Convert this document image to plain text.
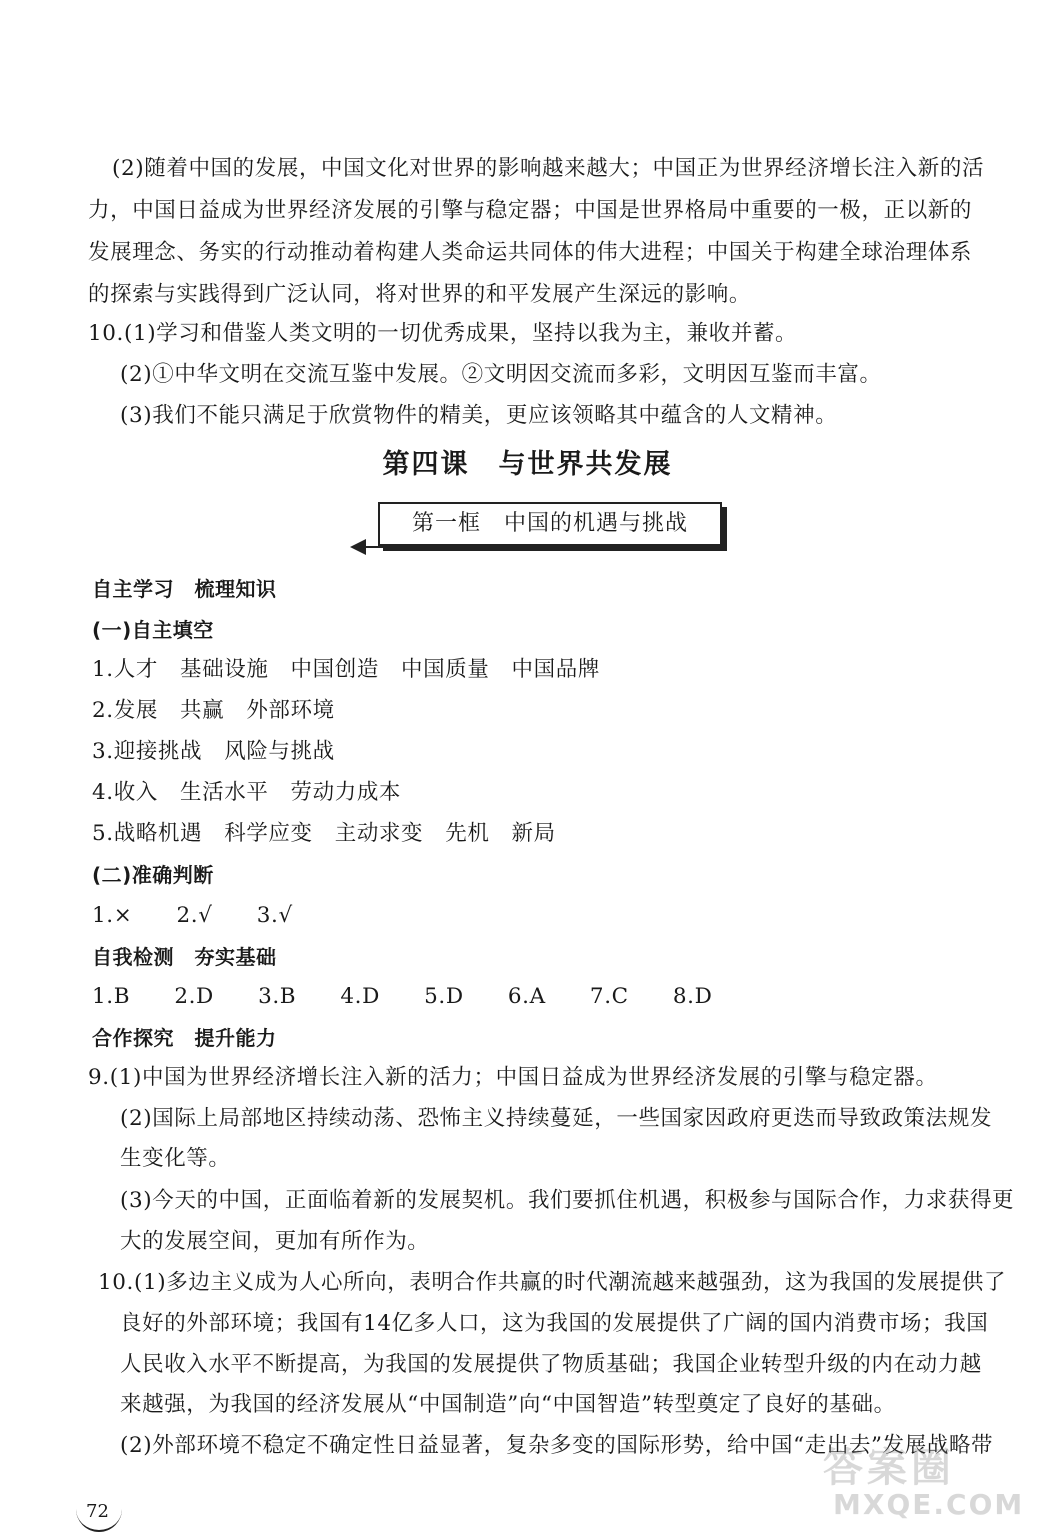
(2)随着中国的发展，中国文化对世界的影响越来越大；中国正为世界经济增长注入新的活
力，中国日益成为世界经济发展的引擎与稳定器；中国是世界格局中重要的一极，正以新的
发展理念、务实的行动推动着构建人类命运共同体的伟大进程；中国关于构建全球治理体系
的探索与实践得到广泛认同，将对世界的和平发展产生深远的影响。
10.(1)学习和借鉴人类文明的一切优秀成果，坚持以我为主，兼收并蓄。
(2)①中华文明在交流互鉴中发展。②文明因交流而多彩，文明因互鉴而丰富。
(3)我们不能只满足于欣赏物件的精美，更应该领略其中蕴含的人文精神。
第四课　与世界共发展
第一框　中国的机遇与挑战
自主学习　梳理知识
(一)自主填空
1.人才　基础设施　中国创造　中国质量　中国品牌
2.发展　共赢　外部环境
3.迎接挑战　风险与挑战
4.收入　生活水平　劳动力成本
5.战略机遇　科学应变　主动求变　先机　新局
(二)准确判断
1.×　　2.√　　3.√
自我检测　夯实基础
1.B　　2.D　　3.B　　4.D　　5.D　　6.A　　7.C　　8.D
合作探究　提升能力
9.(1)中国为世界经济增长注入新的活力；中国日益成为世界经济发展的引擎与稳定器。
(2)国际上局部地区持续动荡、恐怖主义持续蔓延，一些国家因政府更迭而导致政策法规发
生变化等。
(3)今天的中国，正面临着新的发展契机。我们要抓住机遇，积极参与国际合作，力求获得更
大的发展空间，更加有所作为。
10.(1)多边主义成为人心所向，表明合作共赢的时代潮流越来越强劲，这为我国的发展提供了
良好的外部环境；我国有14亿多人口，这为我国的发展提供了广阔的国内消费市场；我国
人民收入水平不断提高，为我国的发展提供了物质基础；我国企业转型升级的内在动力越
来越强，为我国的经济发展从“中国制造”向“中国智造”转型奠定了良好的基础。
(2)外部环境不稳定不确定性日益显著，复杂多变的国际形势，给中国“走出去”发展战略带
72
答案圈
MXQE.COM
